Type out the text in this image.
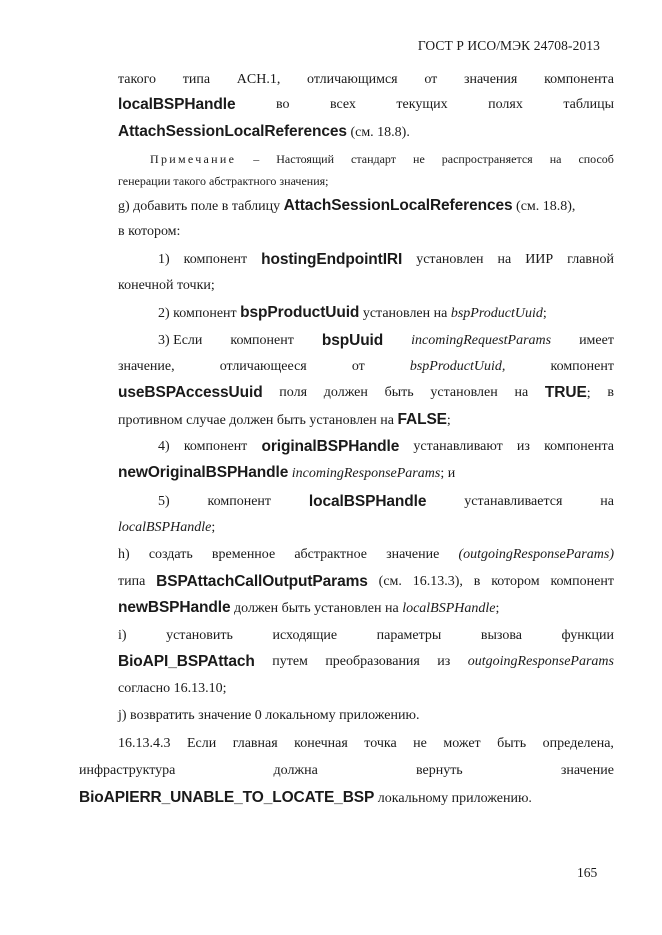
ГОСТ Р ИСО/МЭК 24708-2013
такого типа ACH.1, отличающимся от значения компонента
localBSPHandle	во	всех	текущих	полях	таблицы
AttachSessionLocalReferences (см. 18.8).
Примечание – Настоящий стандарт не распространяется на способ
генерации такого абстрактного значения;
g) добавить поле в таблицу AttachSessionLocalReferences (см. 18.8),
в котором:
1) компонент hostingEndpointIRI установлен на ИИР главной
конечной точки;
2) компонент bspProductUuid установлен на bspProductUuid;
3) Если компонент bspUuid incomingRequestParams имеет
значение,	отличающееся	от	bspProductUuid,	компонент
useBSPAccessUuid поля должен быть установлен на TRUE; в
противном случае должен быть установлен на FALSE;
4) компонент originalBSPHandle устанавливают из компонента
newOriginalBSPHandle incomingResponseParams; и
5)	компонент localBSPHandle	устанавливается	на
localBSPHandle;
h) создать временное абстрактное значение (outgoingResponseParams)
типа BSPAttachCallOutputParams (см. 16.13.3), в котором компонент
newBSPHandle должен быть установлен на localBSPHandle;
i)	установить	исходящие	параметры	вызова	функции
BioAPI_BSPAttach путем преобразования из outgoingResponseParams
согласно 16.13.10;
j) возвратить значение 0 локальному приложению.
16.13.4.3 Если главная конечная точка не может быть определена,
инфраструктура	должна	вернуть	значение
BioAPIERR_UNABLE_TO_LOCATE_BSP локальному приложению.
165
